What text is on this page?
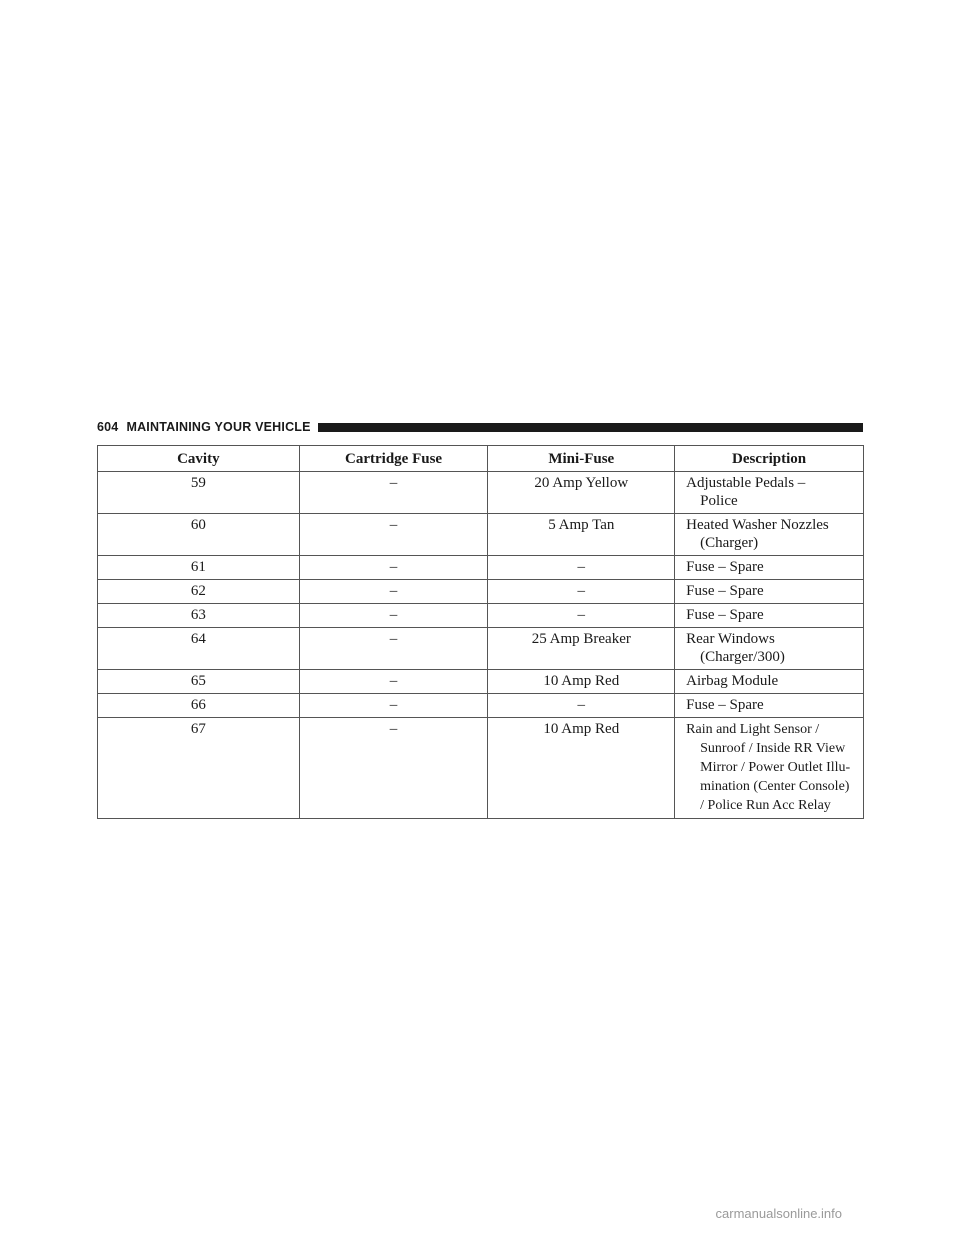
604 MAINTAINING YOUR VEHICLE
Cavity	Cartridge Fuse	Mini-Fuse	Description
59	–	20 Amp Yellow	Adjustable Pedals –
Police

60	–	5 Amp Tan	Heated Washer Nozzles
(Charger)

61	–	–	Fuse – Spare

62	–	–	Fuse – Spare

63	–	–	Fuse – Spare

64	–	25 Amp Breaker	Rear Windows
(Charger/300)

65	–	10 Amp Red	Airbag Module

66	–	–	Fuse – Spare

67	–	10 Amp Red	Rain and Light Sensor /
Sunroof / Inside RR View
Mirror / Power Outlet Illu-
mination (Center Console)
/ Police Run Acc Relay
carmanualsonline.info
